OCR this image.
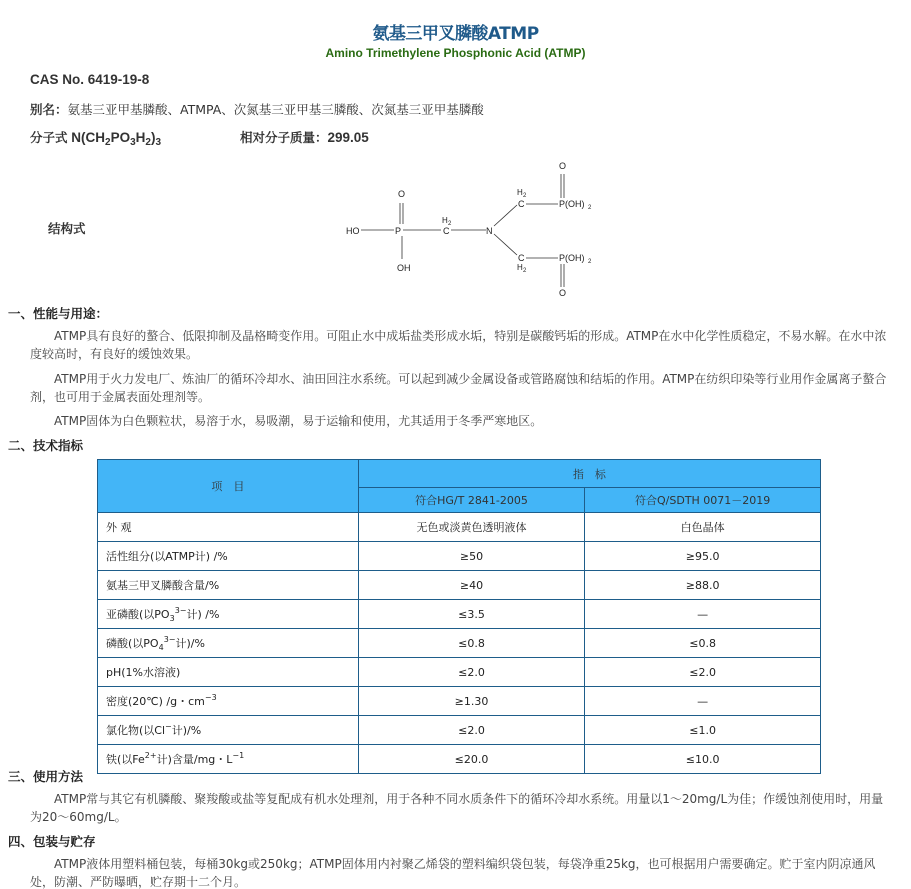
氨基三甲叉膦酸ATMP
Amino Trimethylene Phosphonic Acid (ATMP)
CAS No. 6419-19-8
别名：氨基三亚甲基膦酸、ATMPA、次氮基三亚甲基三膦酸、次氮基三亚甲基膦酸
分子式 $N(CH_2PO_3H_2)_3$	相对分子质量：299.05
结构式	HO	P
O
OH
H 2
C	N
H 2
C	P(OH) 2
O
C
H 2
P(OH) 2
O
一、性能与用途：

ATMP具有良好的螯合、低限抑制及晶格畸变作用。可阻止水中成垢盐类形成水垢，特别是碳酸钙垢的形成。ATMP在水中化学性质稳定，不易水解。在水中浓度较高时，有良好的缓蚀效果。

ATMP用于火力发电厂、炼油厂的循环冷却水、油田回注水系统。可以起到减少金属设备或管路腐蚀和结垢的作用。ATMP在纺织印染等行业用作金属离子螯合剂，也可用于金属表面处理剂等。

ATMP固体为白色颗粒状，易溶于水，易吸潮，易于运输和使用，尤其适用于冬季严寒地区。

二、技术指标
项　目	指　标	
	符合HG/T 2841-2005	符合Q/SDTH 0071－2019
外 观	无色或淡黄色透明液体	白色晶体
活性组分(以ATMP计) /%	≥50	≥95.0
氨基三甲叉膦酸含量/%	≥40	≥88.0
亚磷酸(以$PO_3^{3-}$计) /%	≤3.5	—
磷酸(以$PO_4^{3-}$计)/%	≤0.8	≤0.8
pH(1%水溶液)	≤2.0	≤2.0
密度(20℃) /g・$cm^{-3}$	≥1.30	—
氯化物(以Cl−计)/%	≤2.0	≤1.0
铁(以$Fe^{2+}$计)含量/mg・$L^{-1}$	≤20.0	≤10.0
三、使用方法

ATMP常与其它有机膦酸、聚羧酸或盐等复配成有机水处理剂，用于各种不同水质条件下的循环冷却水系统。用量以1～20mg/L为佳；作缓蚀剂使用时，用量为20～60mg/L。

四、包装与贮存

ATMP液体用塑料桶包装，每桶30kg或250kg；ATMP固体用内衬聚乙烯袋的塑料编织袋包装，每袋净重25kg，也可根据用户需要确定。贮于室内阴凉通风处，防潮、严防曝晒，贮存期十二个月。
